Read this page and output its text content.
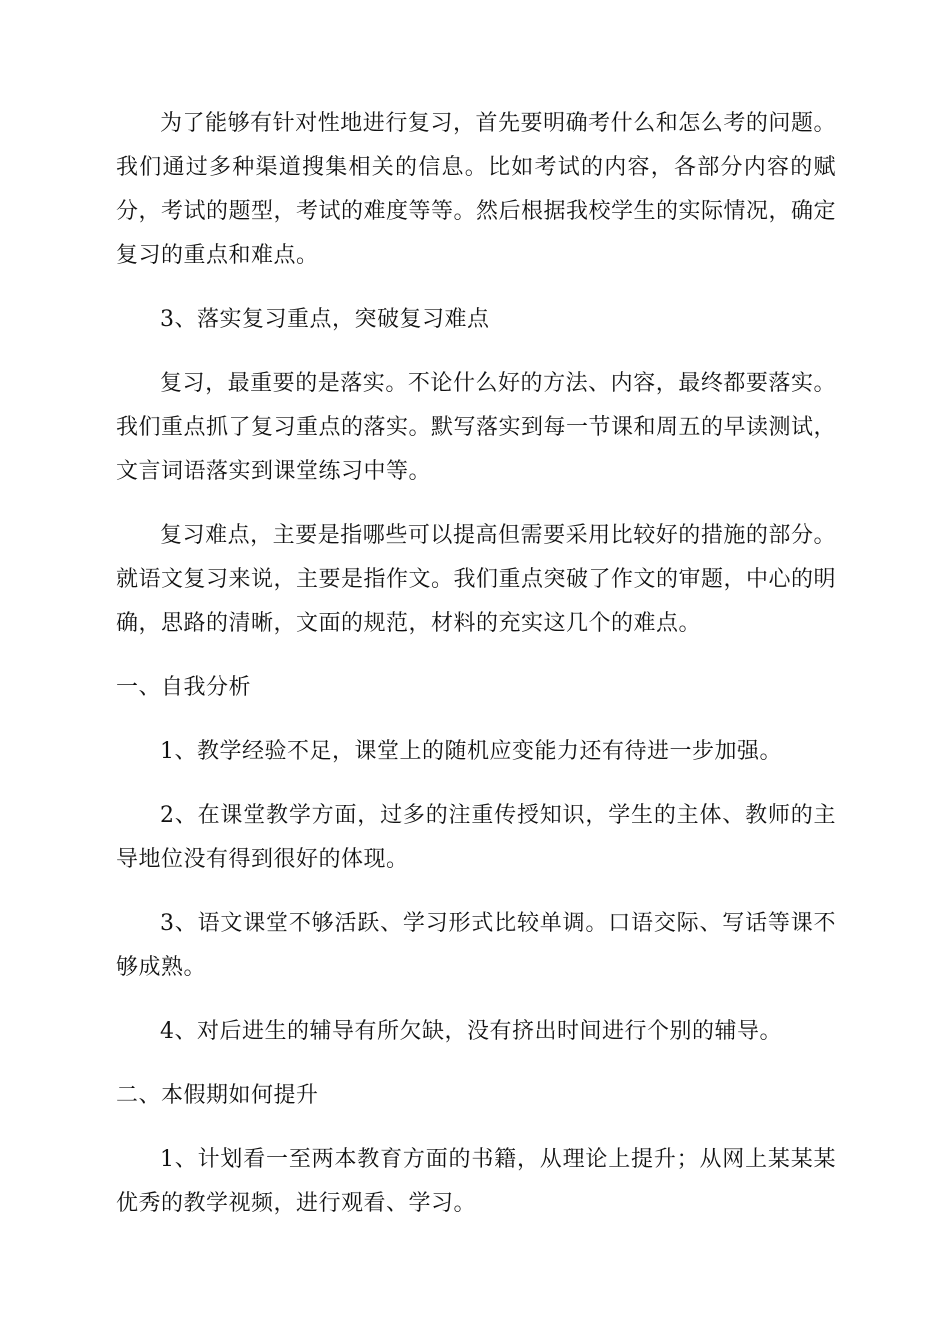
为了能够有针对性地进行复习，首先要明确考什么和怎么考的问题。我们通过多种渠道搜集相关的信息。比如考试的内容，各部分内容的赋分，考试的题型，考试的难度等等。然后根据我校学生的实际情况，确定复习的重点和难点。

3、落实复习重点，突破复习难点

复习，最重要的是落实。不论什么好的方法、内容，最终都要落实。我们重点抓了复习重点的落实。默写落实到每一节课和周五的早读测试，文言词语落实到课堂练习中等。

复习难点，主要是指哪些可以提高但需要采用比较好的措施的部分。就语文复习来说，主要是指作文。我们重点突破了作文的审题，中心的明确，思路的清晰，文面的规范，材料的充实这几个的难点。

一、自我分析

1、教学经验不足，课堂上的随机应变能力还有待进一步加强。

2、在课堂教学方面，过多的注重传授知识，学生的主体、教师的主导地位没有得到很好的体现。

3、语文课堂不够活跃、学习形式比较单调。口语交际、写话等课不够成熟。

4、对后进生的辅导有所欠缺，没有挤出时间进行个别的辅导。

二、本假期如何提升

1、计划看一至两本教育方面的书籍，从理论上提升；从网上某某某优秀的教学视频，进行观看、学习。
